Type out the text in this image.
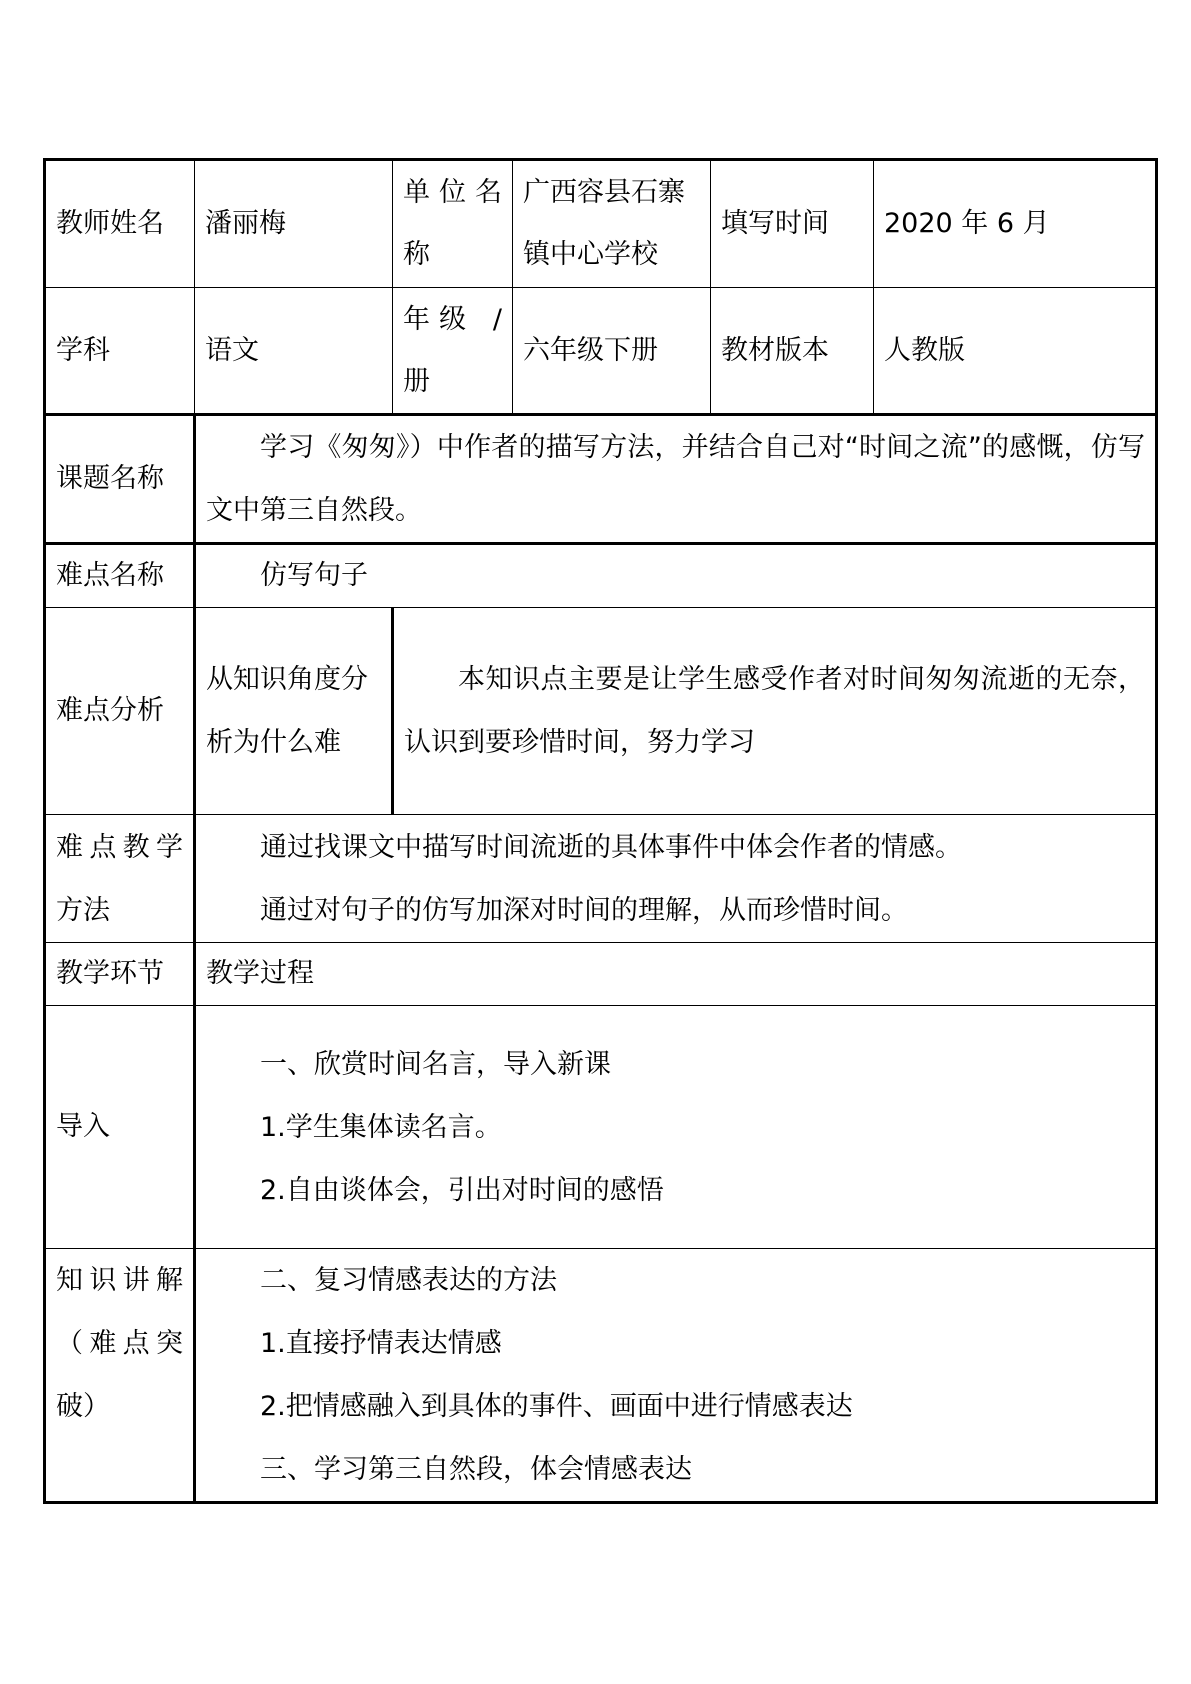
教师姓名	潘丽梅	单位名称	广西容县石寨镇中心学校	填写时间	2020 年 6 月
学科	语文	年级 / 册	六年级下册	教材版本	人教版
课题名称	学习《匆匆》）中作者的描写方法，并结合自己对“时间之流”的感慨，仿写文中第三自然段。				

难点名称	仿写句子				

难点分析	从知识角度分析为什么难	本知识点主要是让学生感受作者对时间匆匆流逝的无奈，认识到要珍惜时间，努力学习			

难点教学方法	通过找课文中描写时间流逝的具体事件中体会作者的情感。
通过对句子的仿写加深对时间的理解，从而珍惜时间。				

教学环节	教学过程				
导入	一、欣赏时间名言，导入新课
1.学生集体读名言。
2.自由谈体会，引出对时间的感悟				

知识讲解（难点突破）	二、复习情感表达的方法
1.直接抒情表达情感
2.把情感融入到具体的事件、画面中进行情感表达
三、学习第三自然段，体会情感表达				
